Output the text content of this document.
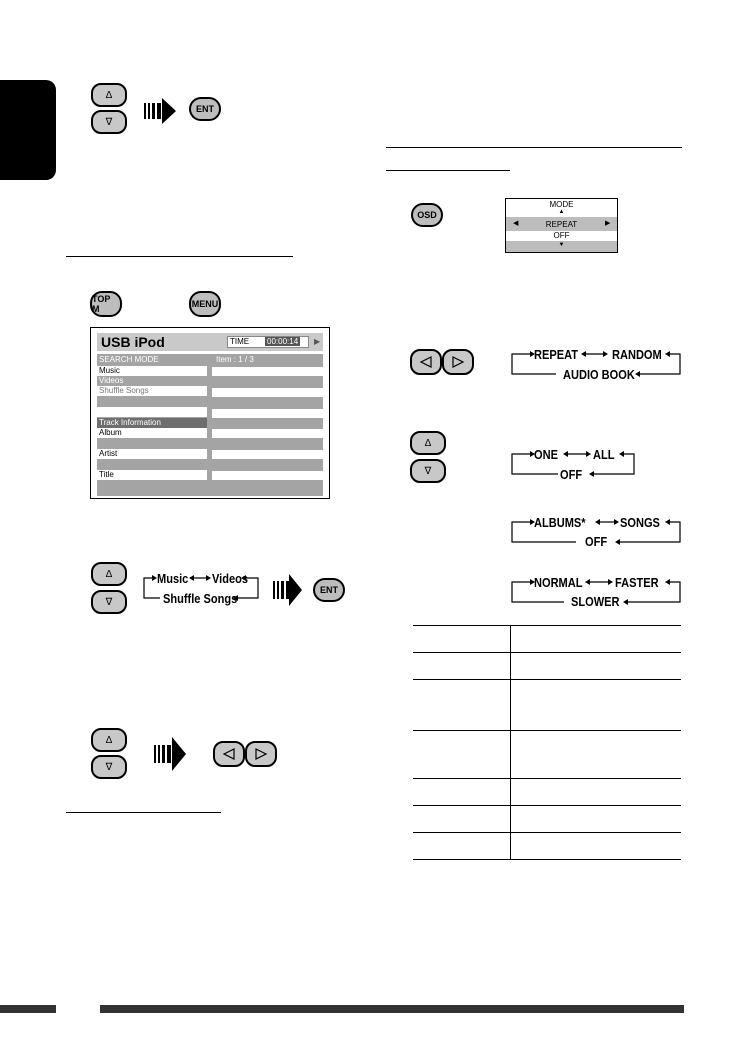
Δ
∇
ENT
TOP M	MENU
USB iPod	TIME 00:00:14 ▶
SEARCH MODE	Item : 1 / 3
Music
Videos
Shuffle Songs
Track Information
Album
Artist
Title
Δ
∇
Music Videos
Shuffle Songs
ENT
Δ
∇
OSD
MODE
▲
◀	REPEAT	▶
OFF
▼
REPEAT	RANDOM
AUDIO BOOK
Δ
∇
ONE	ALL
OFF
ALBUMS*	SONGS
OFF
NORMAL	FASTER
SLOWER
